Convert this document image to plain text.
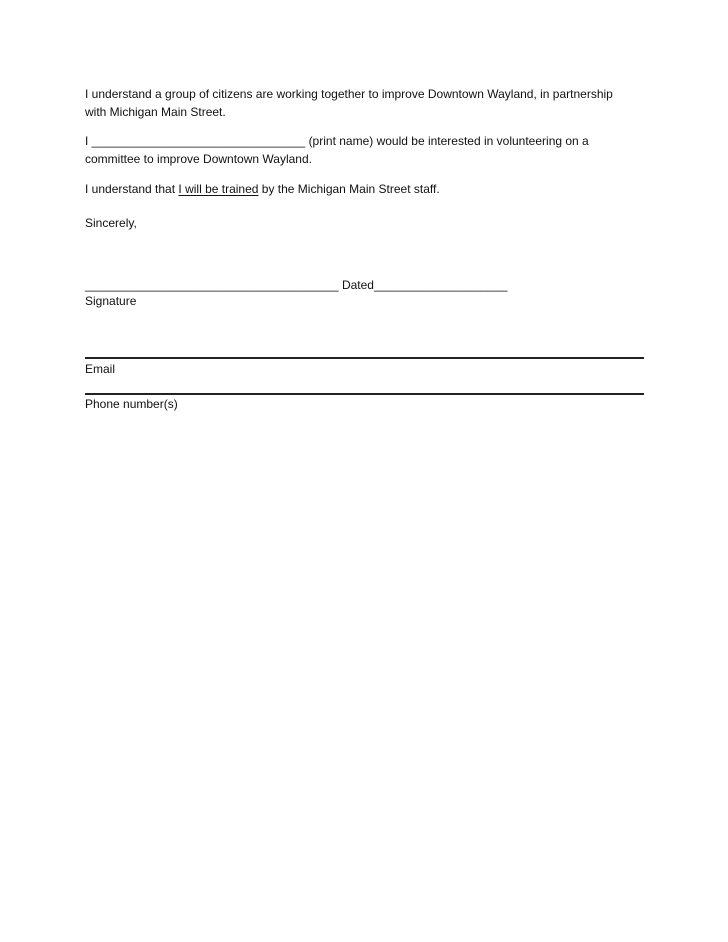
I understand a group of citizens are working together to improve Downtown Wayland, in partnership
with Michigan Main Street.
I ________________________________ (print name) would be interested in volunteering on a
committee to improve Downtown Wayland.
I understand that I will be trained by the Michigan Main Street staff.
Sincerely,
______________________________________ Dated____________________
Signature
Email
Phone number(s)
